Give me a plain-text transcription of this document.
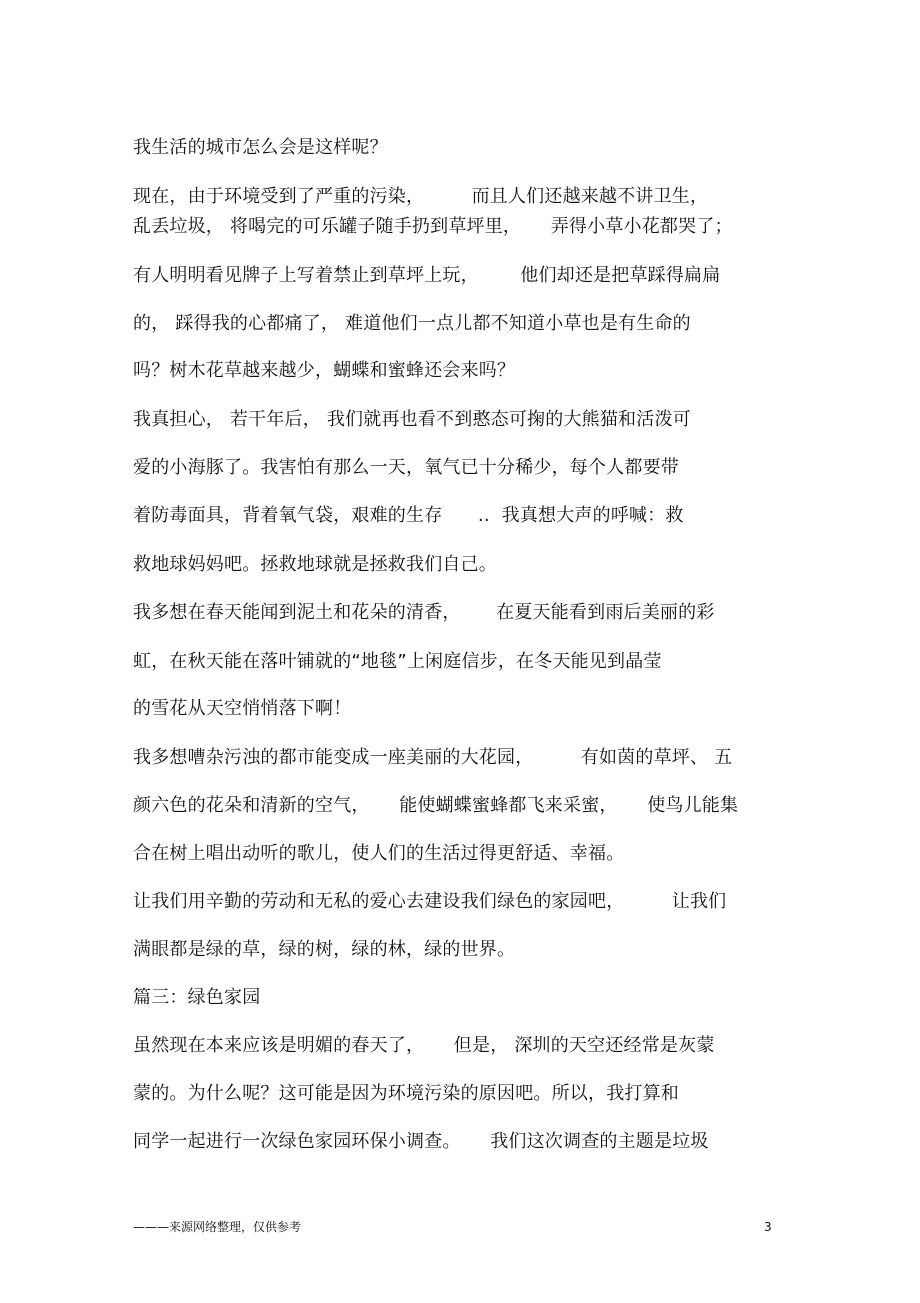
我生活的城市怎么会是这样呢？
现在，由于环境受到了严重的污染，        而且人们还越来越不讲卫生，
乱丢垃圾， 将喝完的可乐罐子随手扔到草坪里，     弄得小草小花都哭了；
有人明明看见牌子上写着禁止到草坪上玩，       他们却还是把草踩得扁扁
的， 踩得我的心都痛了， 难道他们一点儿都不知道小草也是有生命的
吗？树木花草越来越少，蝴蝶和蜜蜂还会来吗？
我真担心， 若干年后， 我们就再也看不到憨态可掬的大熊猫和活泼可
爱的小海豚了。我害怕有那么一天，氧气已十分稀少，每个人都要带
着防毒面具，背着氧气袋，艰难的生存      ..  我真想大声的呼喊：救
救地球妈妈吧。拯救地球就是拯救我们自己。
我多想在春天能闻到泥土和花朵的清香，      在夏天能看到雨后美丽的彩
虹，在秋天能在落叶铺就的“地毯”上闲庭信步，在冬天能见到晶莹
的雪花从天空悄悄落下啊！
我多想嘈杂污浊的都市能变成一座美丽的大花园，        有如茵的草坪、 五
颜六色的花朵和清新的空气，     能使蝴蝶蜜蜂都飞来采蜜，     使鸟儿能集
合在树上唱出动听的歌儿，使人们的生活过得更舒适、幸福。
让我们用辛勤的劳动和无私的爱心去建设我们绿色的家园吧，        让我们
满眼都是绿的草，绿的树，绿的林，绿的世界。
篇三：绿色家园
虽然现在本来应该是明媚的春天了，     但是， 深圳的天空还经常是灰蒙
蒙的。为什么呢？这可能是因为环境污染的原因吧。所以，我打算和
同学一起进行一次绿色家园环保小调查。     我们这次调查的主题是垃圾
———来源网络整理，仅供参考	3
